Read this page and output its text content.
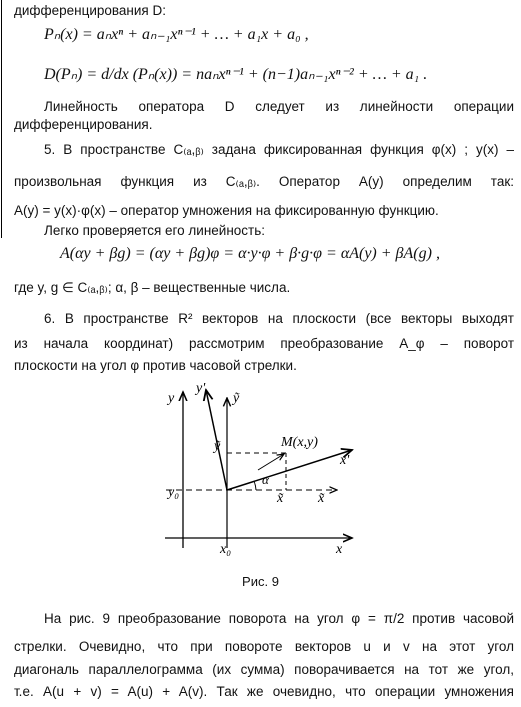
дифференцирования D:
Pₙ(x) = aₙxⁿ + aₙ₋₁xⁿ⁻¹ + … + a₁x + a₀ ,
D(Pₙ) = d/dx (Pₙ(x)) = naₙxⁿ⁻¹ + (n−1)aₙ₋₁xⁿ⁻² + … + a₁ .
Линейность оператора D следует из линейности операции
дифференцирования.
5. В пространстве C₍ₐ,ᵦ₎ задана фиксированная функция φ(x) ; y(x) –
произвольная функция из C₍ₐ,ᵦ₎. Оператор A(y) определим так:
A(y) = y(x)·φ(x) – оператор умножения на фиксированную функцию.
Легко проверяется его линейность:
A(αy + βg) = (αy + βg)φ = α·y·φ + β·g·φ = αA(y) + βA(g) ,
где y, g ∈ C₍ₐ,ᵦ₎; α, β – вещественные числа.
6. В пространстве R² векторов на плоскости (все векторы выходят
из начала координат) рассмотрим преобразование A_φ – поворот
плоскости на угол φ против часовой стрелки.
y
y'
ỹ
ỹ	M(x,y)
x'
α
x̃ x̃
y₀
x₀	x
Рис. 9
На рис. 9 преобразование поворота на угол φ = π/2 против часовой
стрелки. Очевидно, что при повороте векторов u и v на этот угол
диагональ параллелограмма (их сумма) поворачивается на тот же угол,
т.е. A(u + v) = A(u) + A(v). Так же очевидно, что операции умножения
